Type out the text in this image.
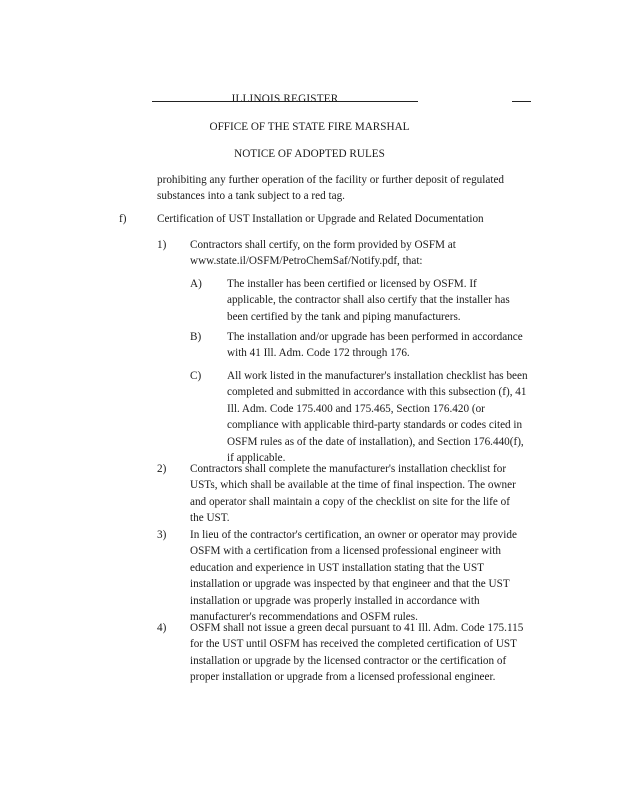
ILLINOIS REGISTER
OFFICE OF THE STATE FIRE MARSHAL
NOTICE OF ADOPTED RULES
prohibiting any further operation of the facility or further deposit of regulated
substances into a tank subject to a red tag.
f)	Certification of UST Installation or Upgrade and Related Documentation
1) Contractors shall certify, on the form provided by OSFM at
www.state.il/OSFM/PetroChemSaf/Notify.pdf, that:
A) The installer has been certified or licensed by OSFM. If
applicable, the contractor shall also certify that the installer has
been certified by the tank and piping manufacturers.
B) The installation and/or upgrade has been performed in accordance
with 41 Ill. Adm. Code 172 through 176.
C) All work listed in the manufacturer's installation checklist has been
completed and submitted in accordance with this subsection (f), 41
Ill. Adm. Code 175.400 and 175.465, Section 176.420 (or
compliance with applicable third-party standards or codes cited in
OSFM rules as of the date of installation), and Section 176.440(f),
if applicable.
2) Contractors shall complete the manufacturer's installation checklist for
USTs, which shall be available at the time of final inspection. The owner
and operator shall maintain a copy of the checklist on site for the life of
the UST.
3) In lieu of the contractor's certification, an owner or operator may provide
OSFM with a certification from a licensed professional engineer with
education and experience in UST installation stating that the UST
installation or upgrade was inspected by that engineer and that the UST
installation or upgrade was properly installed in accordance with
manufacturer's recommendations and OSFM rules.
4) OSFM shall not issue a green decal pursuant to 41 Ill. Adm. Code 175.115
for the UST until OSFM has received the completed certification of UST
installation or upgrade by the licensed contractor or the certification of
proper installation or upgrade from a licensed professional engineer.
